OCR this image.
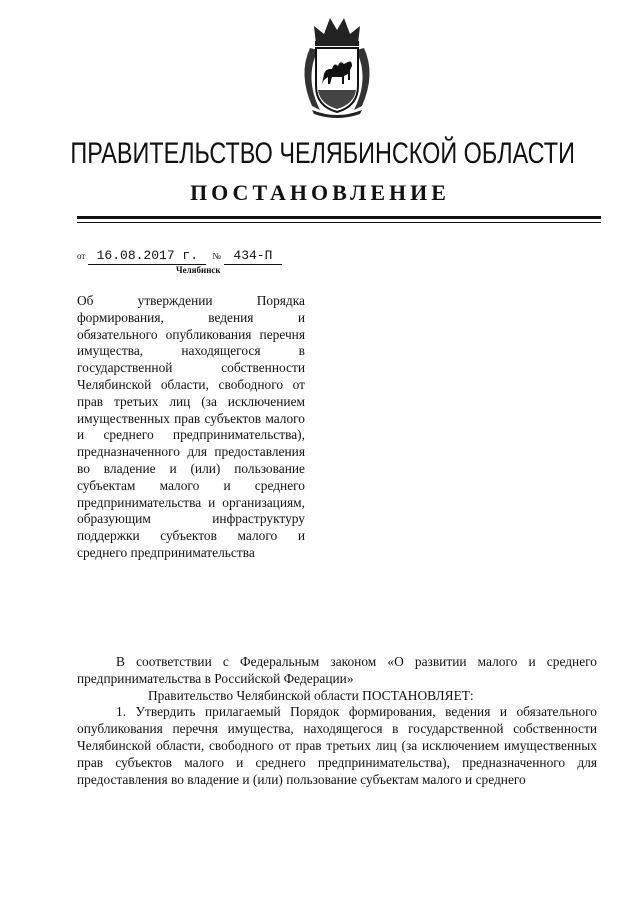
ПРАВИТЕЛЬСТВО ЧЕЛЯБИНСКОЙ ОБЛАСТИ
ПОСТАНОВЛЕНИЕ
от 16.08.2017 г. № 434-П
Челябинск

Об утверждении Порядка формирования, ведения и обязательного опубликования перечня имущества, находящегося в государственной собственности Челябинской области, свободного от прав третьих лиц (за исключением имущественных прав субъектов малого и среднего предпринимательства), предназначенного для предоставления во владение и (или) пользование субъектам малого и среднего предпринимательства и организациям, образующим инфраструктуру поддержки субъектов малого и среднего предпринимательства

В соответствии с Федеральным законом «О развитии малого и среднего предпринимательства в Российской Федерации»

Правительство Челябинской области ПОСТАНОВЛЯЕТ:

1. Утвердить прилагаемый Порядок формирования, ведения и обязательного опубликования перечня имущества, находящегося в государственной собственности Челябинской области, свободного от прав третьих лиц (за исключением имущественных прав субъектов малого и среднего предпринимательства), предназначенного для предоставления во владение и (или) пользование субъектам малого и среднего
